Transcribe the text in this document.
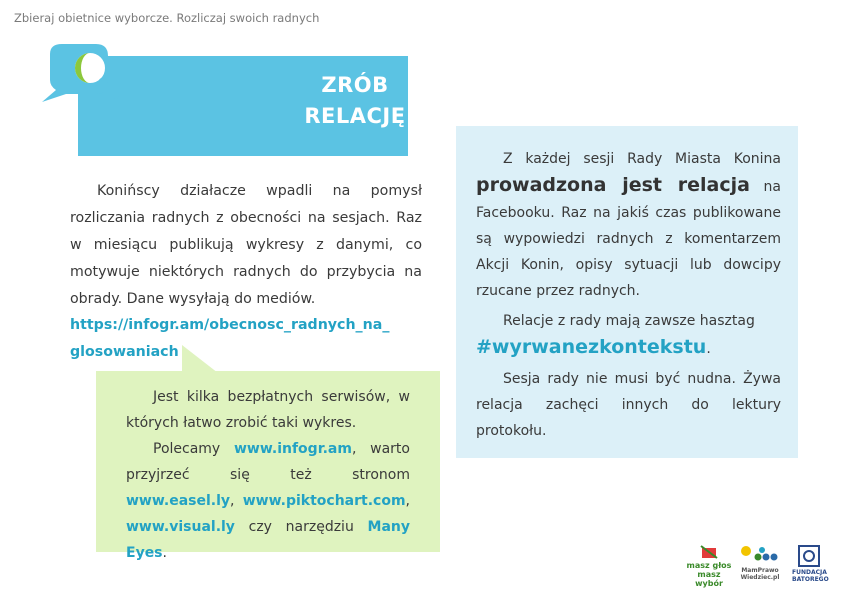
Zbieraj obietnice wyborcze. Rozliczaj swoich radnych
ZRÓB
RELACJĘ

Konińscy działacze wpadli na pomysł rozliczania radnych z obecności na sesjach. Raz w miesiącu publikują wykresy z danymi, co motywuje niektórych radnych do przybycia na obrady. Dane wysyłają do mediów.

https://infogr.am/obecnosc_radnych_na_
glosowaniach

Jest kilka bezpłatnych serwisów, w których łatwo zrobić taki wykres.

Polecamy www.infogr.am, warto przyjrzeć się też stronom www.easel.ly, www.piktochart.com, www.visual.ly czy narzędziu Many Eyes.

Z każdej sesji Rady Miasta Konina prowadzona jest relacja na Facebooku. Raz na jakiś czas publikowane są wypowiedzi radnych z komentarzem Akcji Konin, opisy sytuacji lub dowcipy rzucane przez radnych.

Relacje z rady mają zawsze hasztag
#wyrwanezkontekstu.

Sesja rady nie musi być nudna. Żywa relacja zachęci innych do lektury protokołu.

masz głos
masz wybór
MamPrawo
Wiedziec.pl
FUNDACJA
BATOREGO
